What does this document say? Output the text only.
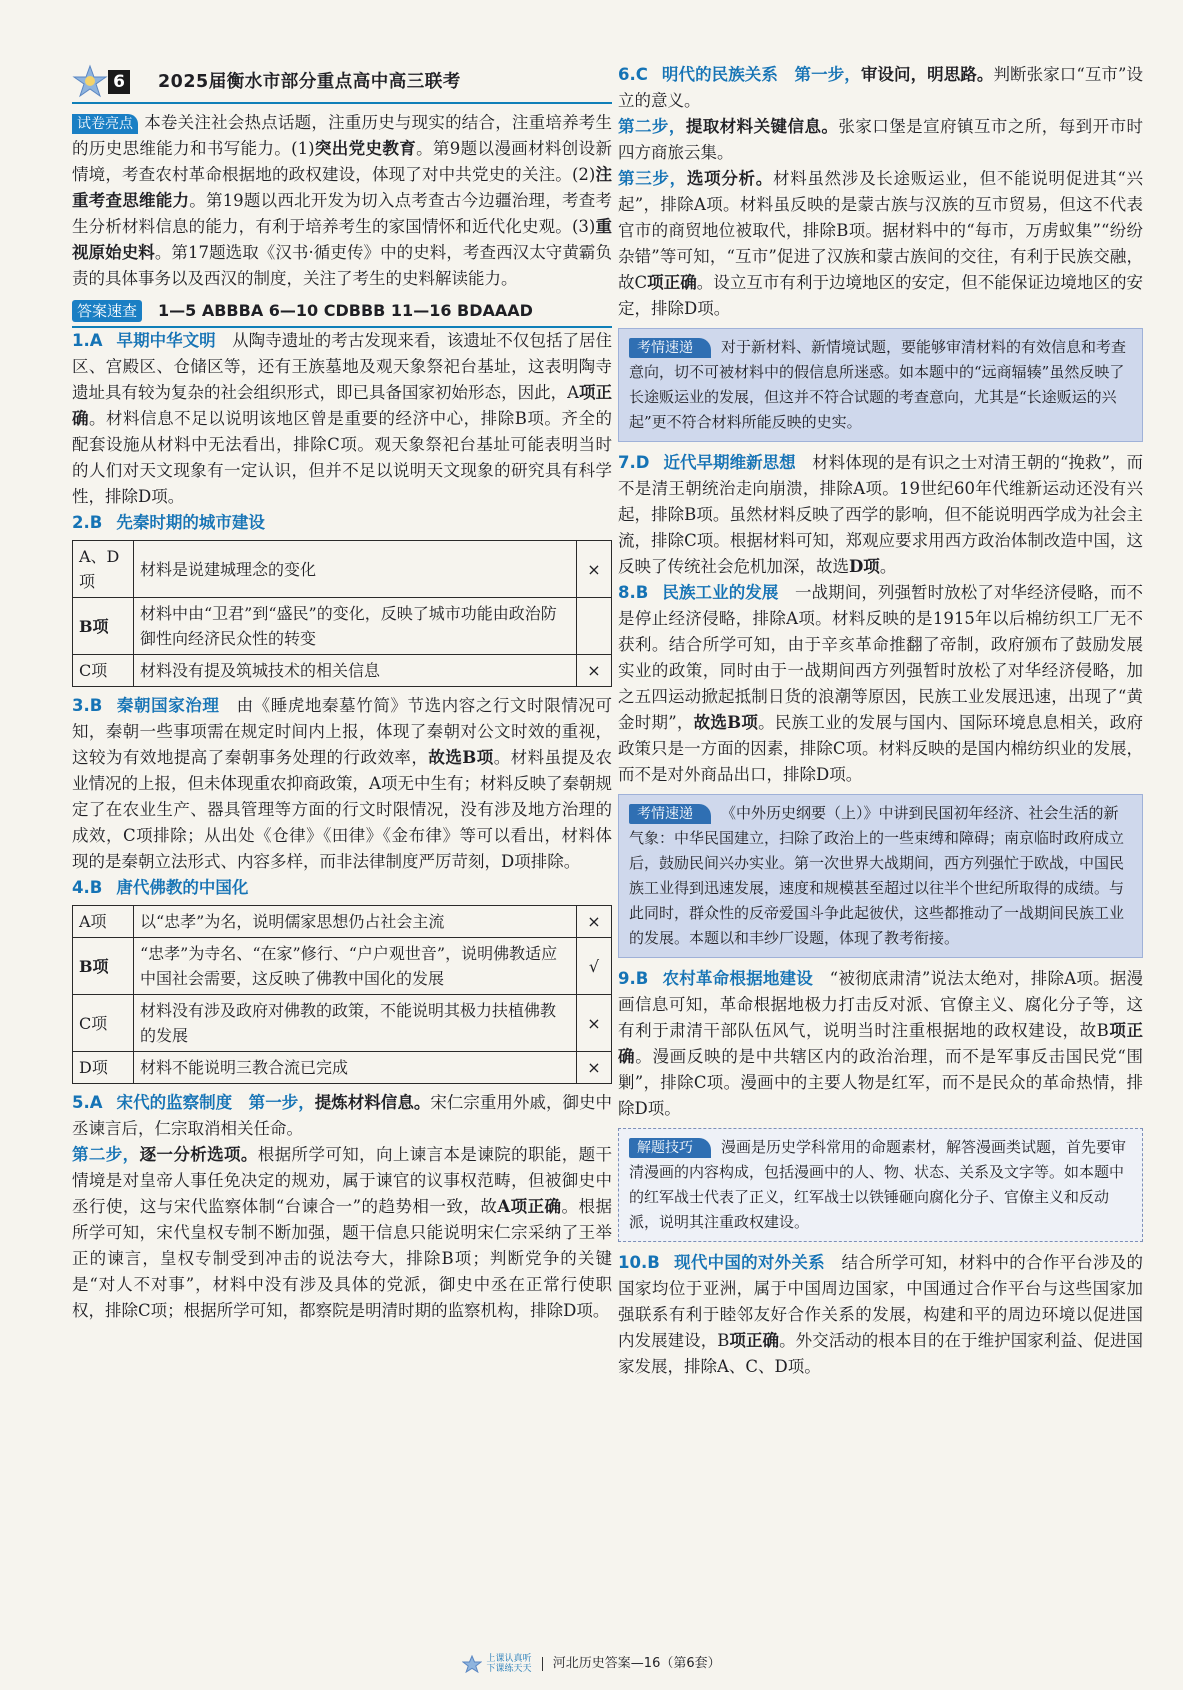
6 2025届衡水市部分重点高中高三联考

试卷亮点 本卷关注社会热点话题，注重历史与现实的结合，注重培养考生的历史思维能力和书写能力。(1)突出党史教育。第9题以漫画材料创设新情境，考查农村革命根据地的政权建设，体现了对中共党史的关注。(2)注重考查思维能力。第19题以西北开发为切入点考查古今边疆治理，考查考生分析材料信息的能力，有利于培养考生的家国情怀和近代化史观。(3)重视原始史料。第17题选取《汉书·循吏传》中的史料，考查西汉太守黄霸负责的具体事务以及西汉的制度，关注了考生的史料解读能力。

答案速查	1—5 ABBBA 6—10 CDBBB 11—16 BDAAAD

1.A 早期中华文明　 从陶寺遗址的考古发现来看，该遗址不仅包括了居住区、宫殿区、仓储区等，还有王族墓地及观天象祭祀台基址，这表明陶寺遗址具有较为复杂的社会组织形式，即已具备国家初始形态，因此，A项正确。材料信息不足以说明该地区曾是重要的经济中心，排除B项。齐全的配套设施从材料中无法看出，排除C项。观天象祭祀台基址可能表明当时的人们对天文现象有一定认识，但并不足以说明天文现象的研究具有科学性，排除D项。

2.B 先秦时期的城市建设

A、D项	材料是说建城理念的变化	×
B项	材料中由“卫君”到“盛民”的变化，反映了城市功能由政治防御性向经济民众性的转变	
C项	材料没有提及筑城技术的相关信息	×

3.B 秦朝国家治理　 由《睡虎地秦墓竹简》节选内容之行文时限情况可知，秦朝一些事项需在规定时间内上报，体现了秦朝对公文时效的重视，这较为有效地提高了秦朝事务处理的行政效率，故选B项。材料虽提及农业情况的上报，但未体现重农抑商政策，A项无中生有；材料反映了秦朝规定了在农业生产、器具管理等方面的行文时限情况，没有涉及地方治理的成效，C项排除；从出处《仓律》《田律》《金布律》等可以看出，材料体现的是秦朝立法形式、内容多样，而非法律制度严厉苛刻，D项排除。

4.B 唐代佛教的中国化

A项	以“忠孝”为名，说明儒家思想仍占社会主流	×
B项	“忠孝”为寺名、“在家”修行、“户户观世音”，说明佛教适应中国社会需要，这反映了佛教中国化的发展	√
C项	材料没有涉及政府对佛教的政策，不能说明其极力扶植佛教的发展	×
D项	材料不能说明三教合流已完成	×

5.A 宋代的监察制度　 第一步，提炼材料信息。宋仁宗重用外戚，御史中丞谏言后，仁宗取消相关任命。
第二步，逐一分析选项。根据所学可知，向上谏言本是谏院的职能，题干情境是对皇帝人事任免决定的规劝，属于谏官的议事权范畴，但被御史中丞行使，这与宋代监察体制“台谏合一”的趋势相一致，故A项正确。根据所学可知，宋代皇权专制不断加强，题干信息只能说明宋仁宗采纳了王举正的谏言，皇权专制受到冲击的说法夸大，排除B项；判断党争的关键是“对人不对事”，材料中没有涉及具体的党派，御史中丞在正常行使职权，排除C项；根据所学可知，都察院是明清时期的监察机构，排除D项。

6.C 明代的民族关系　 第一步，审设问，明思路。判断张家口“互市”设立的意义。
第二步，提取材料关键信息。张家口堡是宣府镇互市之所，每到开市时四方商旅云集。
第三步，选项分析。材料虽然涉及长途贩运业，但不能说明促进其“兴起”，排除A项。材料虽反映的是蒙古族与汉族的互市贸易，但这不代表官市的商贸地位被取代，排除B项。据材料中的“每市，万虏蚁集”“纷纷杂错”等可知，“互市”促进了汉族和蒙古族间的交往，有利于民族交融，故C项正确。设立互市有利于边境地区的安定，但不能保证边境地区的安定，排除D项。

考情速递 对于新材料、新情境试题，要能够审清材料的有效信息和考查意向，切不可被材料中的假信息所迷惑。如本题中的“远商辐辏”虽然反映了长途贩运业的发展，但这并不符合试题的考查意向，尤其是“长途贩运的兴起”更不符合材料所能反映的史实。

7.D 近代早期维新思想　 材料体现的是有识之士对清王朝的“挽救”，而不是清王朝统治走向崩溃，排除A项。19世纪60年代维新运动还没有兴起，排除B项。虽然材料反映了西学的影响，但不能说明西学成为社会主流，排除C项。根据材料可知，郑观应要求用西方政治体制改造中国，这反映了传统社会危机加深，故选D项。

8.B 民族工业的发展　 一战期间，列强暂时放松了对华经济侵略，而不是停止经济侵略，排除A项。材料反映的是1915年以后棉纺织工厂无不获利。结合所学可知，由于辛亥革命推翻了帝制，政府颁布了鼓励发展实业的政策，同时由于一战期间西方列强暂时放松了对华经济侵略，加之五四运动掀起抵制日货的浪潮等原因，民族工业发展迅速，出现了“黄金时期”，故选B项。民族工业的发展与国内、国际环境息息相关，政府政策只是一方面的因素，排除C项。材料反映的是国内棉纺织业的发展，而不是对外商品出口，排除D项。

考情速递 《中外历史纲要（上）》中讲到民国初年经济、社会生活的新气象：中华民国建立，扫除了政治上的一些束缚和障碍；南京临时政府成立后，鼓励民间兴办实业。第一次世界大战期间，西方列强忙于欧战，中国民族工业得到迅速发展，速度和规模甚至超过以往半个世纪所取得的成绩。与此同时，群众性的反帝爱国斗争此起彼伏，这些都推动了一战期间民族工业的发展。本题以和丰纱厂设题，体现了教考衔接。

9.B 农村革命根据地建设　 “被彻底肃清”说法太绝对，排除A项。据漫画信息可知，革命根据地极力打击反对派、官僚主义、腐化分子等，这有利于肃清干部队伍风气，说明当时注重根据地的政权建设，故B项正确。漫画反映的是中共辖区内的政治治理，而不是军事反击国民党“围剿”，排除C项。漫画中的主要人物是红军，而不是民众的革命热情，排除D项。

解题技巧 漫画是历史学科常用的命题素材，解答漫画类试题，首先要审清漫画的内容构成，包括漫画中的人、物、状态、关系及文字等。如本题中的红军战士代表了正义，红军战士以铁锤砸向腐化分子、官僚主义和反动派，说明其注重政权建设。

10.B 现代中国的对外关系　 结合所学可知，材料中的合作平台涉及的国家均位于亚洲，属于中国周边国家，中国通过合作平台与这些国家加强联系有利于睦邻友好合作关系的发展，构建和平的周边环境以促进国内发展建设，B项正确。外交活动的根本目的在于维护国家利益、促进国家发展，排除A、C、D项。

上课认真听
下课练天天 河北历史答案—16（第6套）
